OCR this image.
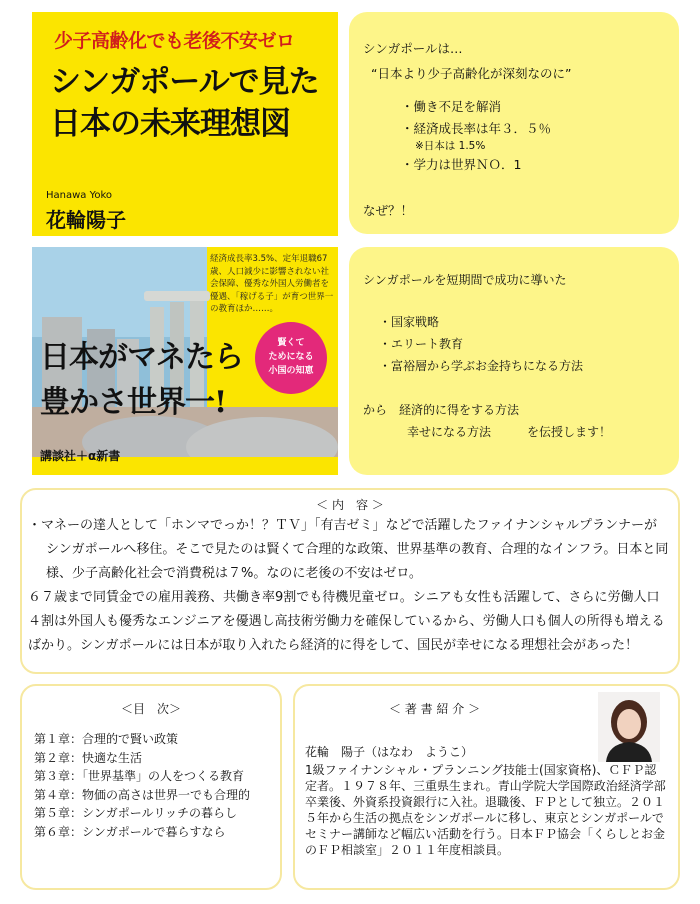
少子高齢化でも老後不安ゼロ
シンガポールで見た
日本の未来理想図
Hanawa Yoko
花輪陽子
経済成長率3.5%、定年退職67歳、人口減少に影響されない社会保障、優秀な外国人労働者を優遇、「稼げる子」が育つ世界一の教育ほか……。
賢くて
ためになる
小国の知恵
日本がマネたら
豊かさ世界一!
講談社＋α新書
シンガポールは…
“日本より少子高齢化が深刻なのに”
・働き不足を解消
・経済成長率は年３．５％
※日本は 1.5%
・学力は世界ＮＯ．1
なぜ？！
シンガポールを短期間で成功に導いた
・国家戦略
・エリート教育
・富裕層から学ぶお金持ちになる方法
から　経済的に得をする方法
幸せになる方法　　　を伝授します！
＜ 内　容 ＞

・マネーの達人として「ホンマでっか！？ＴＶ」「有吉ゼミ」などで活躍したファイナンシャルプランナーがシンガポールへ移住。そこで見たのは賢くて合理的な政策、世界基準の教育、合理的なインフラ。日本と同様、少子高齢化社会で消費税は７%。なのに老後の不安はゼロ。

６７歳まで同賃金での雇用義務、共働き率9割でも待機児童ゼロ。シニアも女性も活躍して、さらに労働人口４割は外国人も優秀なエンジニアを優遇し高技術労働力を確保しているから、労働人口も個人の所得も増えるばかり。シンガポールには日本が取り入れたら経済的に得をして、国民が幸せになる理想社会があった！

＜目　次＞
第１章：合理的で賢い政策
第２章：快適な生活
第３章：「世界基準」の人をつくる教育
第４章：物価の高さは世界一でも合理的
第５章：シンガポールリッチの暮らし
第６章：シンガポールで暮らすなら
＜ 著 書 紹 介 ＞
花輪　陽子（はなわ　ようこ）
1級ファイナンシャル・プランニング技能士(国家資格)、ＣＦＰ認定者。１９７８年、三重県生まれ。青山学院大学国際政治経済学部卒業後、外資系投資銀行に入社。退職後、ＦＰとして独立。２０１５年から生活の拠点をシンガポールに移し、東京とシンガポールでセミナー講師など幅広い活動を行う。日本ＦＰ協会「くらしとお金のＦＰ相談室」２０１１年度相談員。
